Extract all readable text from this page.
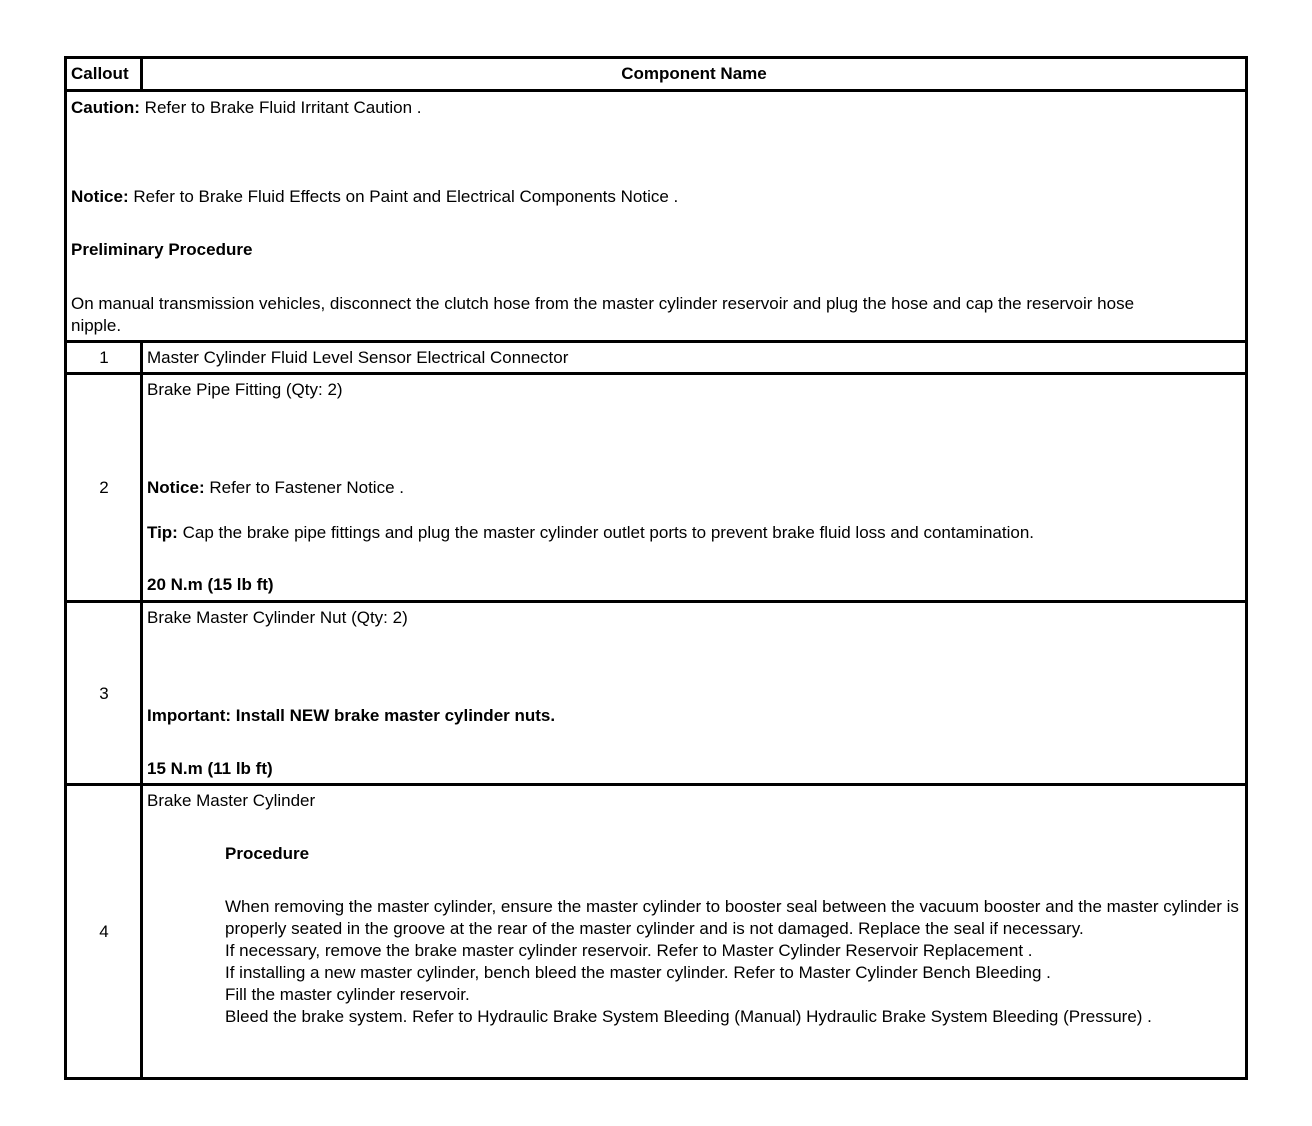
Callout	Component Name
Caution: Refer to Brake Fluid Irritant Caution .
Notice: Refer to Brake Fluid Effects on Paint and Electrical Components Notice .
Preliminary Procedure
On manual transmission vehicles, disconnect the clutch hose from the master cylinder reservoir and plug the hose and cap the reservoir hose nipple.
1	Master Cylinder Fluid Level Sensor Electrical Connector
2
Brake Pipe Fitting (Qty: 2)
Notice: Refer to Fastener Notice .
Tip: Cap the brake pipe fittings and plug the master cylinder outlet ports to prevent brake fluid loss and contamination.
20 N.m (15 lb ft)
3
Brake Master Cylinder Nut (Qty: 2)
Important: Install NEW brake master cylinder nuts.
15 N.m (11 lb ft)
4
Brake Master Cylinder
Procedure
When removing the master cylinder, ensure the master cylinder to booster seal between the vacuum booster and the master cylinder is properly seated in the groove at the rear of the master cylinder and is not damaged. Replace the seal if necessary.
If necessary, remove the brake master cylinder reservoir. Refer to Master Cylinder Reservoir Replacement .
If installing a new master cylinder, bench bleed the master cylinder. Refer to Master Cylinder Bench Bleeding .
Fill the master cylinder reservoir.
Bleed the brake system. Refer to Hydraulic Brake System Bleeding (Manual) Hydraulic Brake System Bleeding (Pressure) .
